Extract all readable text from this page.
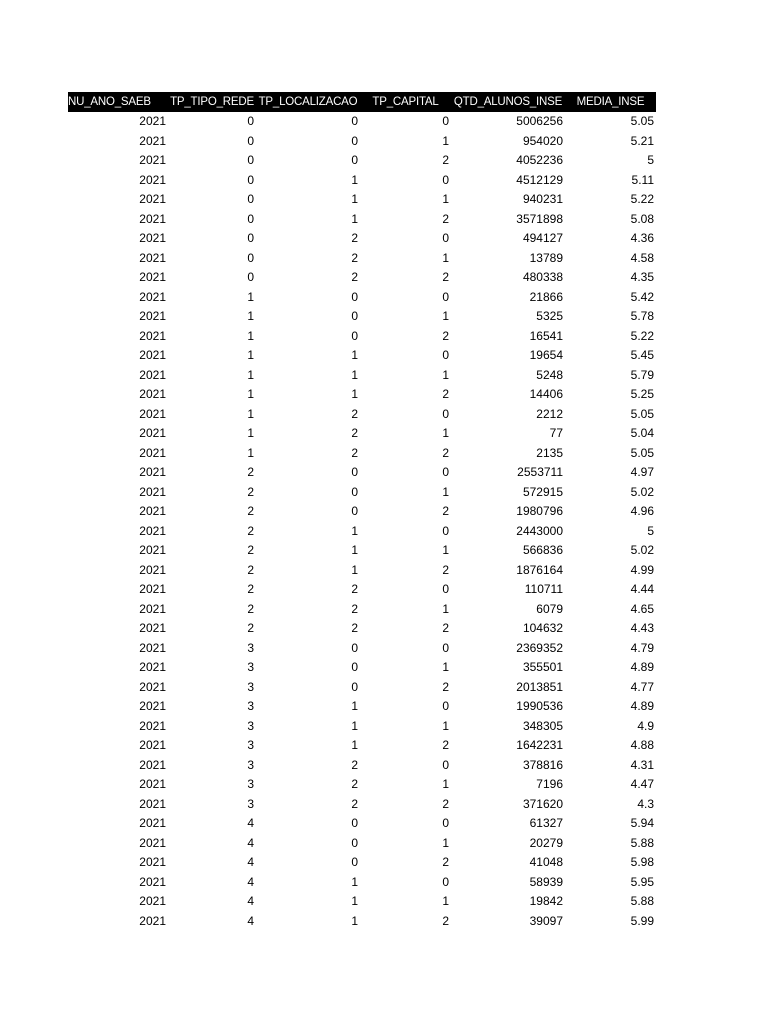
NU_ANO_SAEB	TP_TIPO_REDE	TP_LOCALIZACAO	TP_CAPITAL	QTD_ALUNOS_INSE	MEDIA_INSE
2021	0	0	0	5006256	5.05
2021	0	0	1	954020	5.21
2021	0	0	2	4052236	5
2021	0	1	0	4512129	5.11
2021	0	1	1	940231	5.22
2021	0	1	2	3571898	5.08
2021	0	2	0	494127	4.36
2021	0	2	1	13789	4.58
2021	0	2	2	480338	4.35
2021	1	0	0	21866	5.42
2021	1	0	1	5325	5.78
2021	1	0	2	16541	5.22
2021	1	1	0	19654	5.45
2021	1	1	1	5248	5.79
2021	1	1	2	14406	5.25
2021	1	2	0	2212	5.05
2021	1	2	1	77	5.04
2021	1	2	2	2135	5.05
2021	2	0	0	2553711	4.97
2021	2	0	1	572915	5.02
2021	2	0	2	1980796	4.96
2021	2	1	0	2443000	5
2021	2	1	1	566836	5.02
2021	2	1	2	1876164	4.99
2021	2	2	0	110711	4.44
2021	2	2	1	6079	4.65
2021	2	2	2	104632	4.43
2021	3	0	0	2369352	4.79
2021	3	0	1	355501	4.89
2021	3	0	2	2013851	4.77
2021	3	1	0	1990536	4.89
2021	3	1	1	348305	4.9
2021	3	1	2	1642231	4.88
2021	3	2	0	378816	4.31
2021	3	2	1	7196	4.47
2021	3	2	2	371620	4.3
2021	4	0	0	61327	5.94
2021	4	0	1	20279	5.88
2021	4	0	2	41048	5.98
2021	4	1	0	58939	5.95
2021	4	1	1	19842	5.88
2021	4	1	2	39097	5.99
